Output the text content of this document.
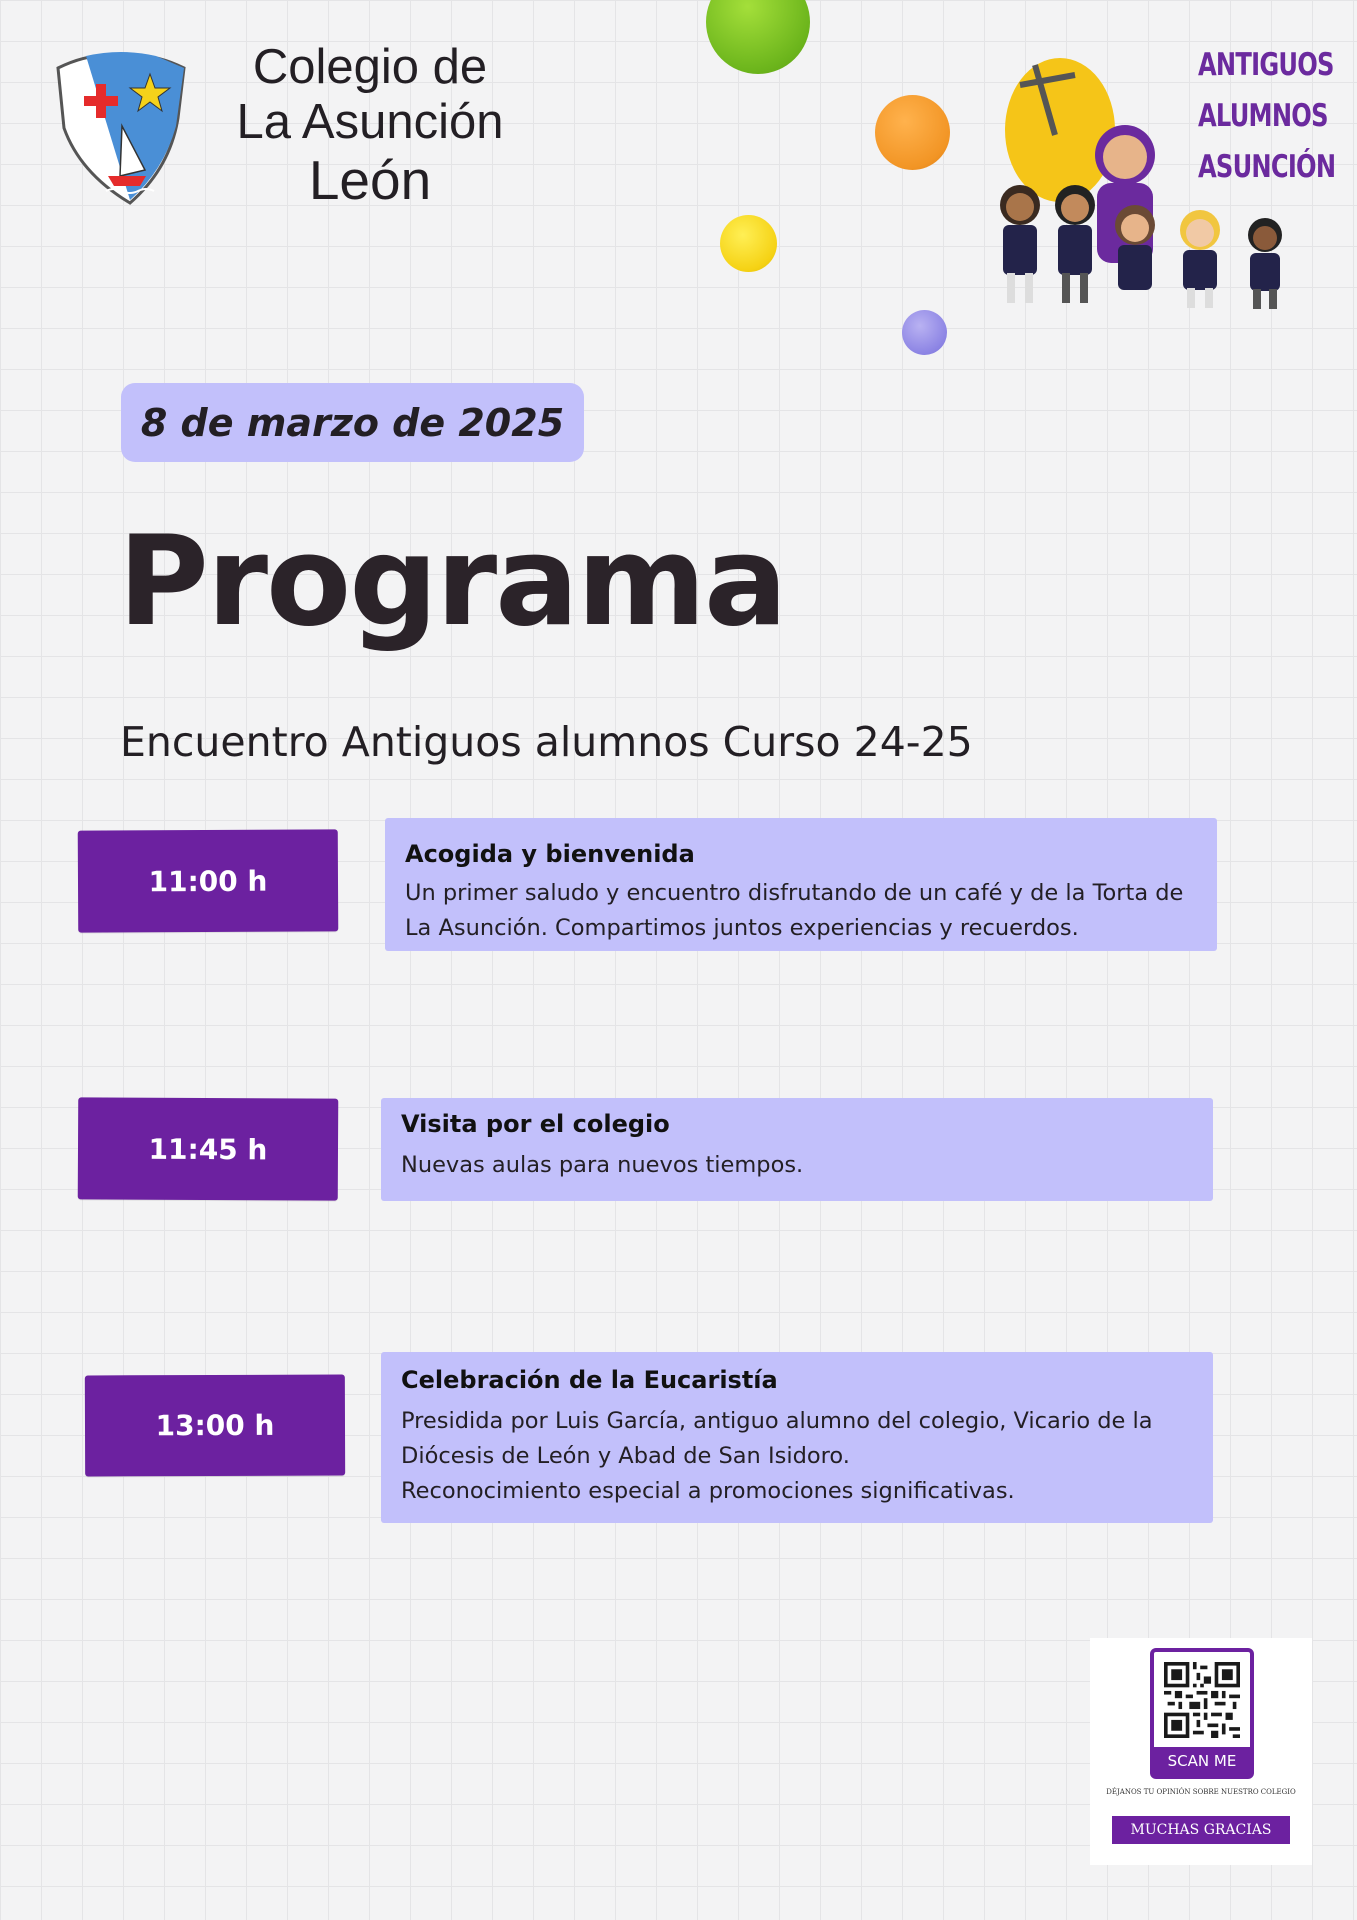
Colegio de
La Asunción
León
ANTIGUOS
ALUMNOS
ASUNCIÓN
8 de marzo de 2025
Programa
Encuentro Antiguos alumnos Curso 24-25
11:00 h
Acogida y bienvenida
Un primer saludo y encuentro disfrutando de un café y de la Torta de
La Asunción. Compartimos juntos experiencias y recuerdos.
11:45 h
Visita por el colegio
Nuevas aulas para nuevos tiempos.
13:00 h
Celebración de la Eucaristía
Presidida por Luis García, antiguo alumno del colegio, Vicario de la
Diócesis de León y Abad de San Isidoro.
Reconocimiento especial a promociones significativas.
SCAN ME
DÉJANOS TU OPINIÓN SOBRE NUESTRO COLEGIO
MUCHAS GRACIAS
